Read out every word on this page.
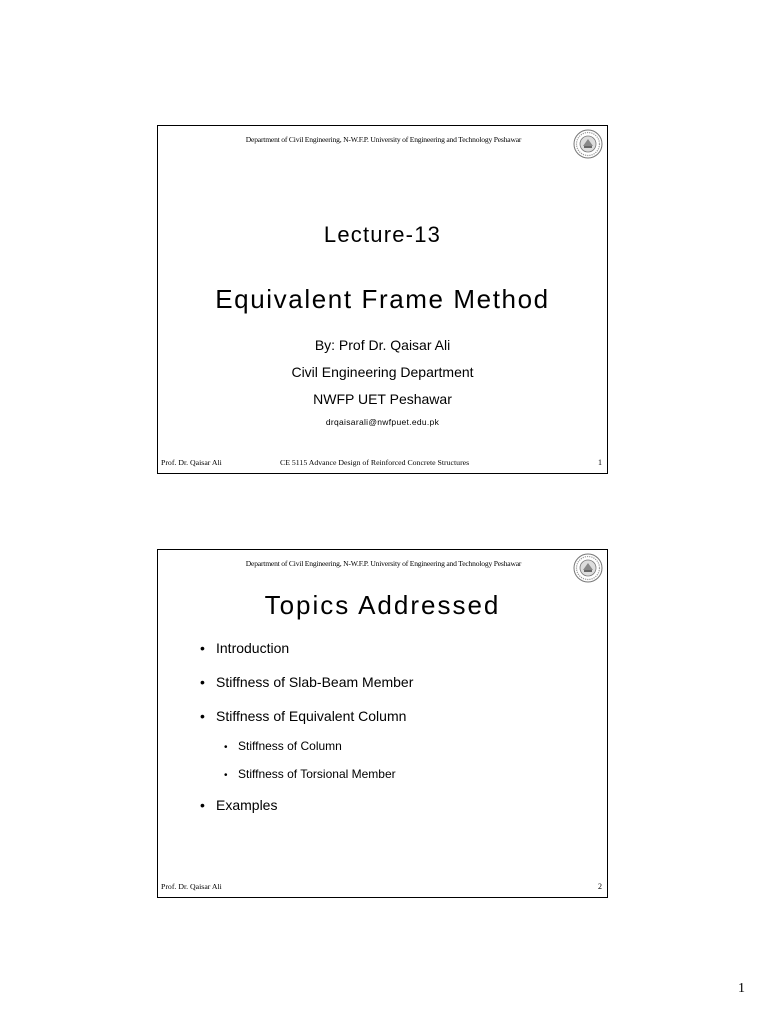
Department of Civil Engineering, N-W.F.P. University of Engineering and Technology Peshawar
Lecture-13
Equivalent Frame Method
By: Prof Dr. Qaisar Ali
Civil Engineering Department
NWFP UET Peshawar
drqaisarali@nwfpuet.edu.pk
Prof. Dr. Qaisar Ali	CE 5115 Advance Design of Reinforced Concrete Structures	1
Department of Civil Engineering, N-W.F.P. University of Engineering and Technology Peshawar
Topics Addressed
• Introduction
• Stiffness of Slab-Beam Member
• Stiffness of Equivalent Column
• Stiffness of Column
• Stiffness of Torsional Member
• Examples
Prof. Dr. Qaisar Ali	2
1
